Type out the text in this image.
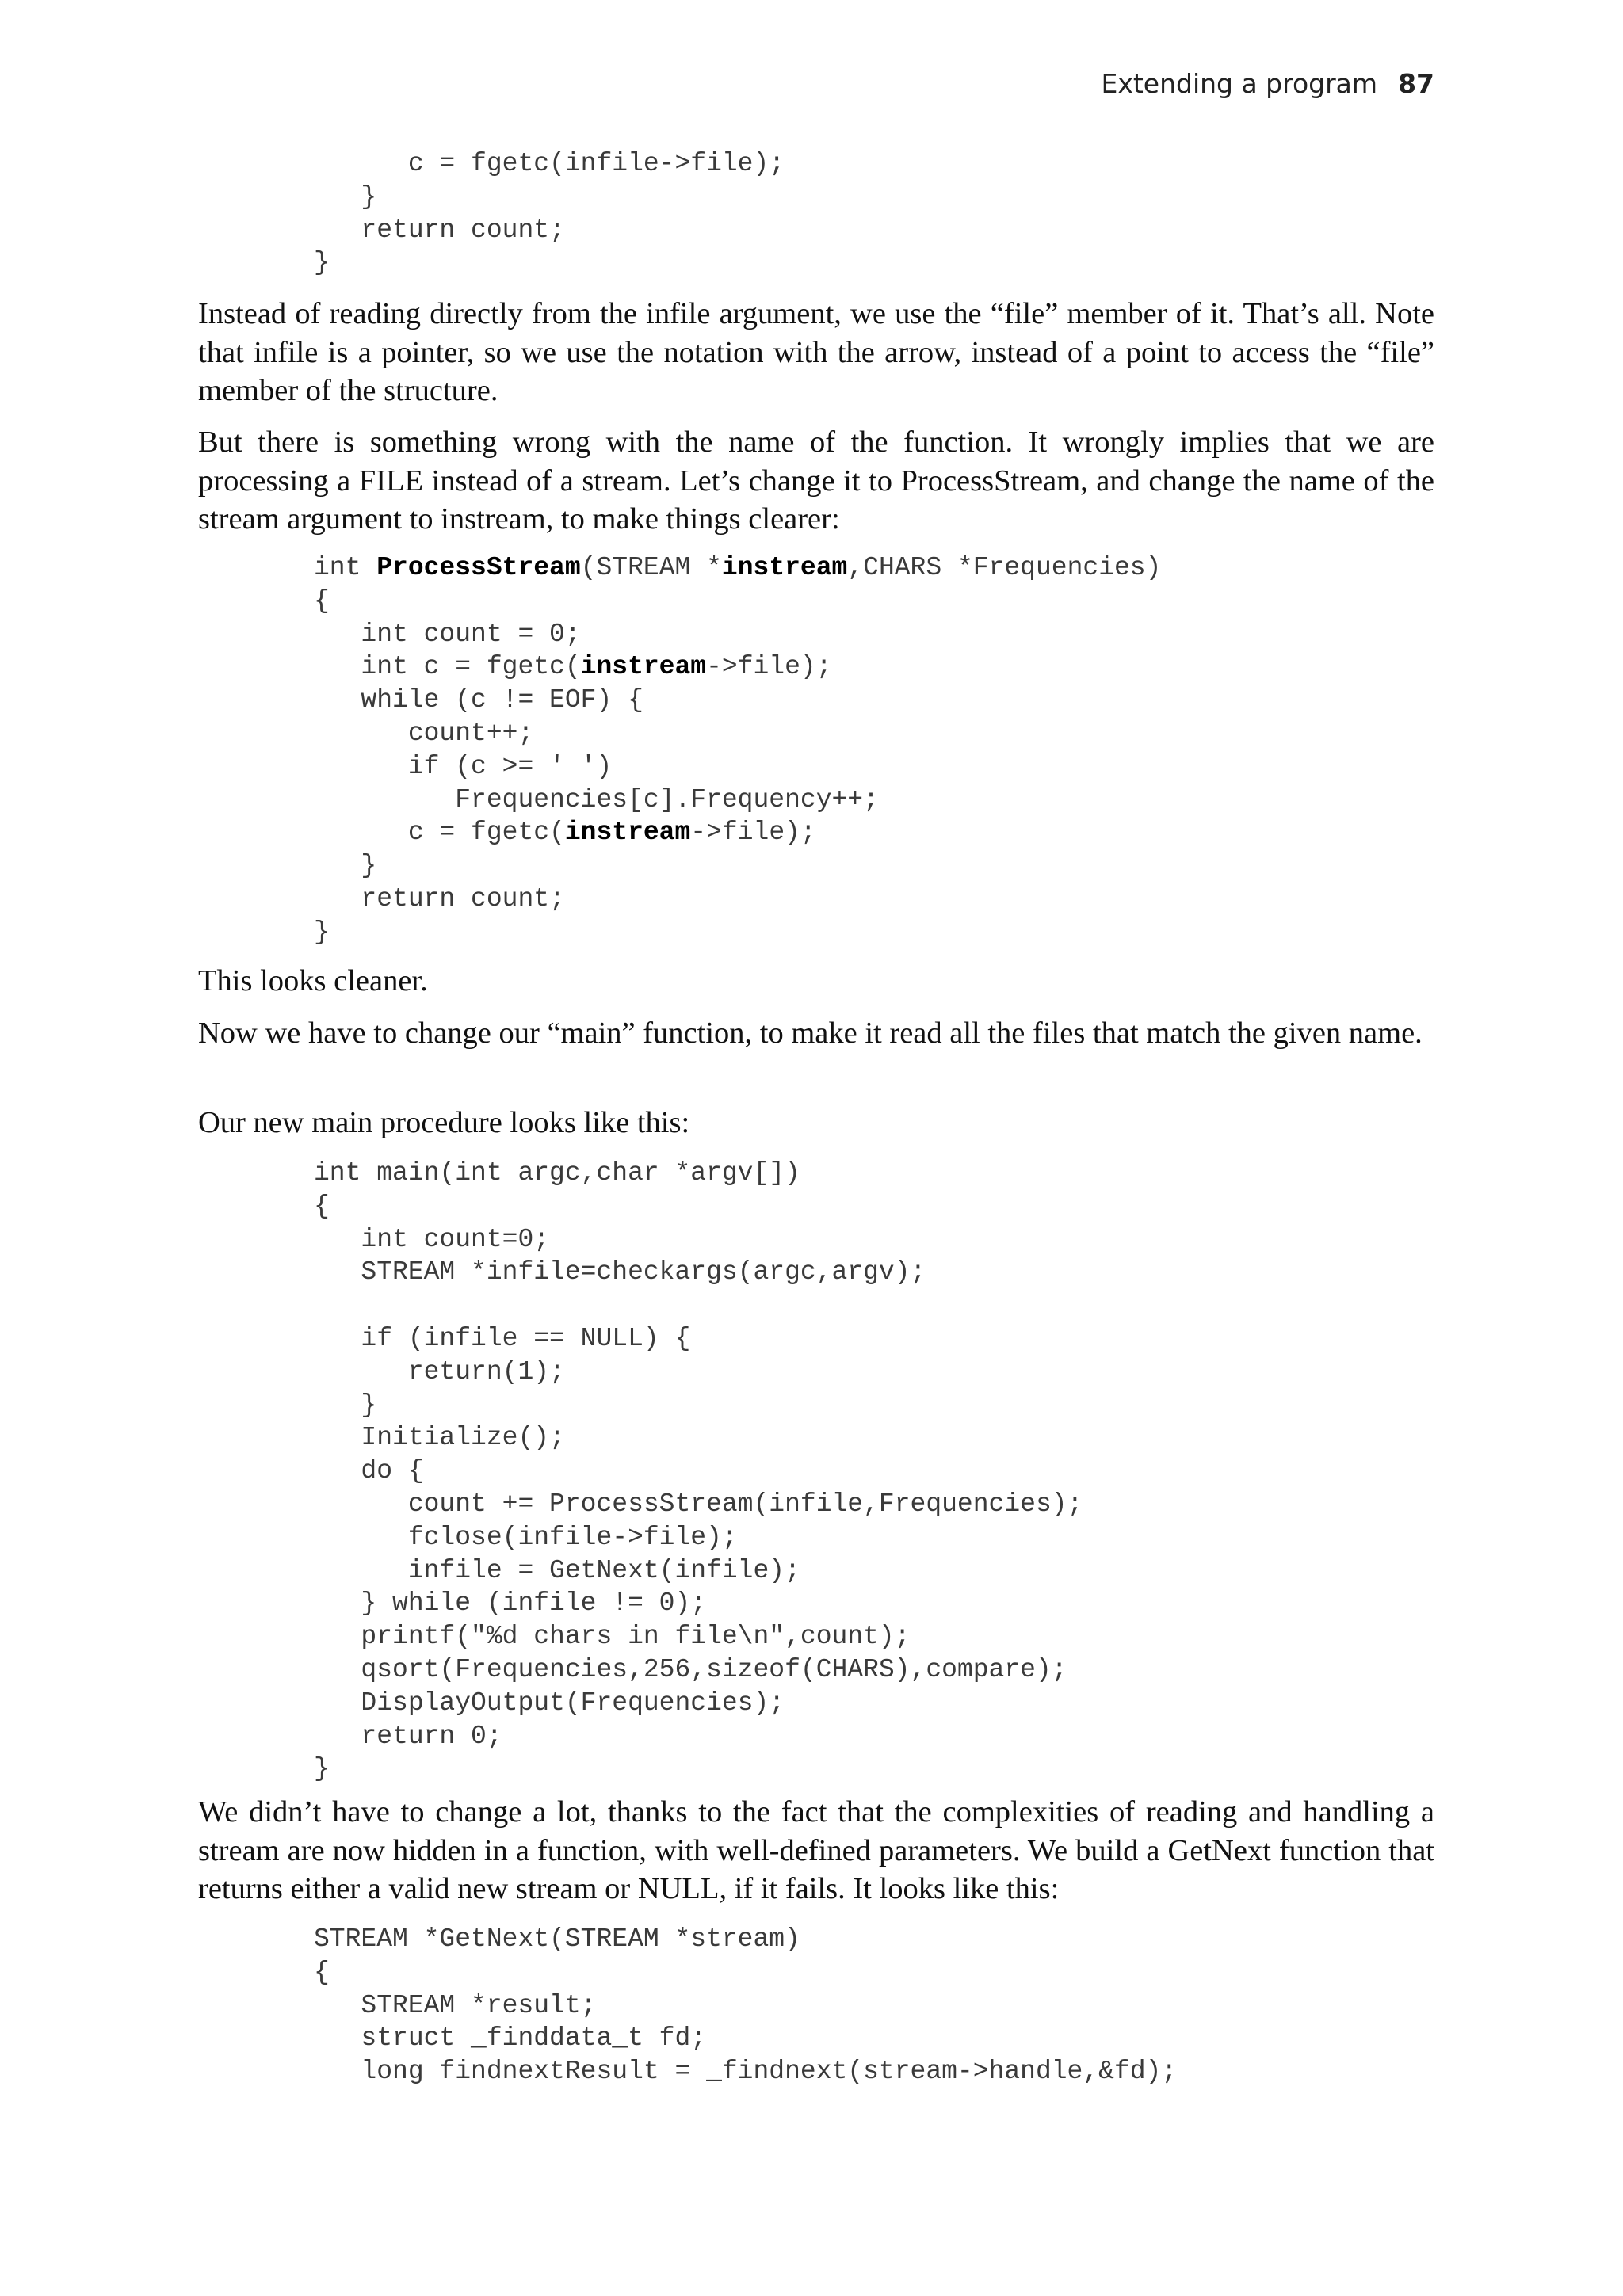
Extending a program 87
c = fgetc(infile->file);
}
return count;
}

Instead of reading directly from the infile argument, we use the “file” member of it. That’s all. Note that infile is a pointer, so we use the notation with the arrow, instead of a point to access the “file” member of the structure.

But there is something wrong with the name of the function. It wrongly implies that we are processing a FILE instead of a stream. Let’s change it to ProcessStream, and change the name of the stream argument to instream, to make things clearer:

int ProcessStream(STREAM *instream,CHARS *Frequencies)
{
int count = 0;
int c = fgetc(instream->file);
while (c != EOF) {
count++;
if (c >= ' ')
Frequencies[c].Frequency++;
c = fgetc(instream->file);
}
return count;
}

This looks cleaner.

Now we have to change our “main” function, to make it read all the files that match the given name.

Our new main procedure looks like this:

int main(int argc,char *argv[])
{
int count=0;
STREAM *infile=checkargs(argc,argv);

if (infile == NULL) {
return(1);
}
Initialize();
do {
count += ProcessStream(infile,Frequencies);
fclose(infile->file);
infile = GetNext(infile);
} while (infile != 0);
printf("%d chars in file\n",count);
qsort(Frequencies,256,sizeof(CHARS),compare);
DisplayOutput(Frequencies);
return 0;
}

We didn’t have to change a lot, thanks to the fact that the complexities of reading and handling a stream are now hidden in a function, with well-defined parameters. We build a GetNext function that returns either a valid new stream or NULL, if it fails. It looks like this:

STREAM *GetNext(STREAM *stream)
{
STREAM *result;
struct _finddata_t fd;
long findnextResult = _findnext(stream->handle,&fd);
